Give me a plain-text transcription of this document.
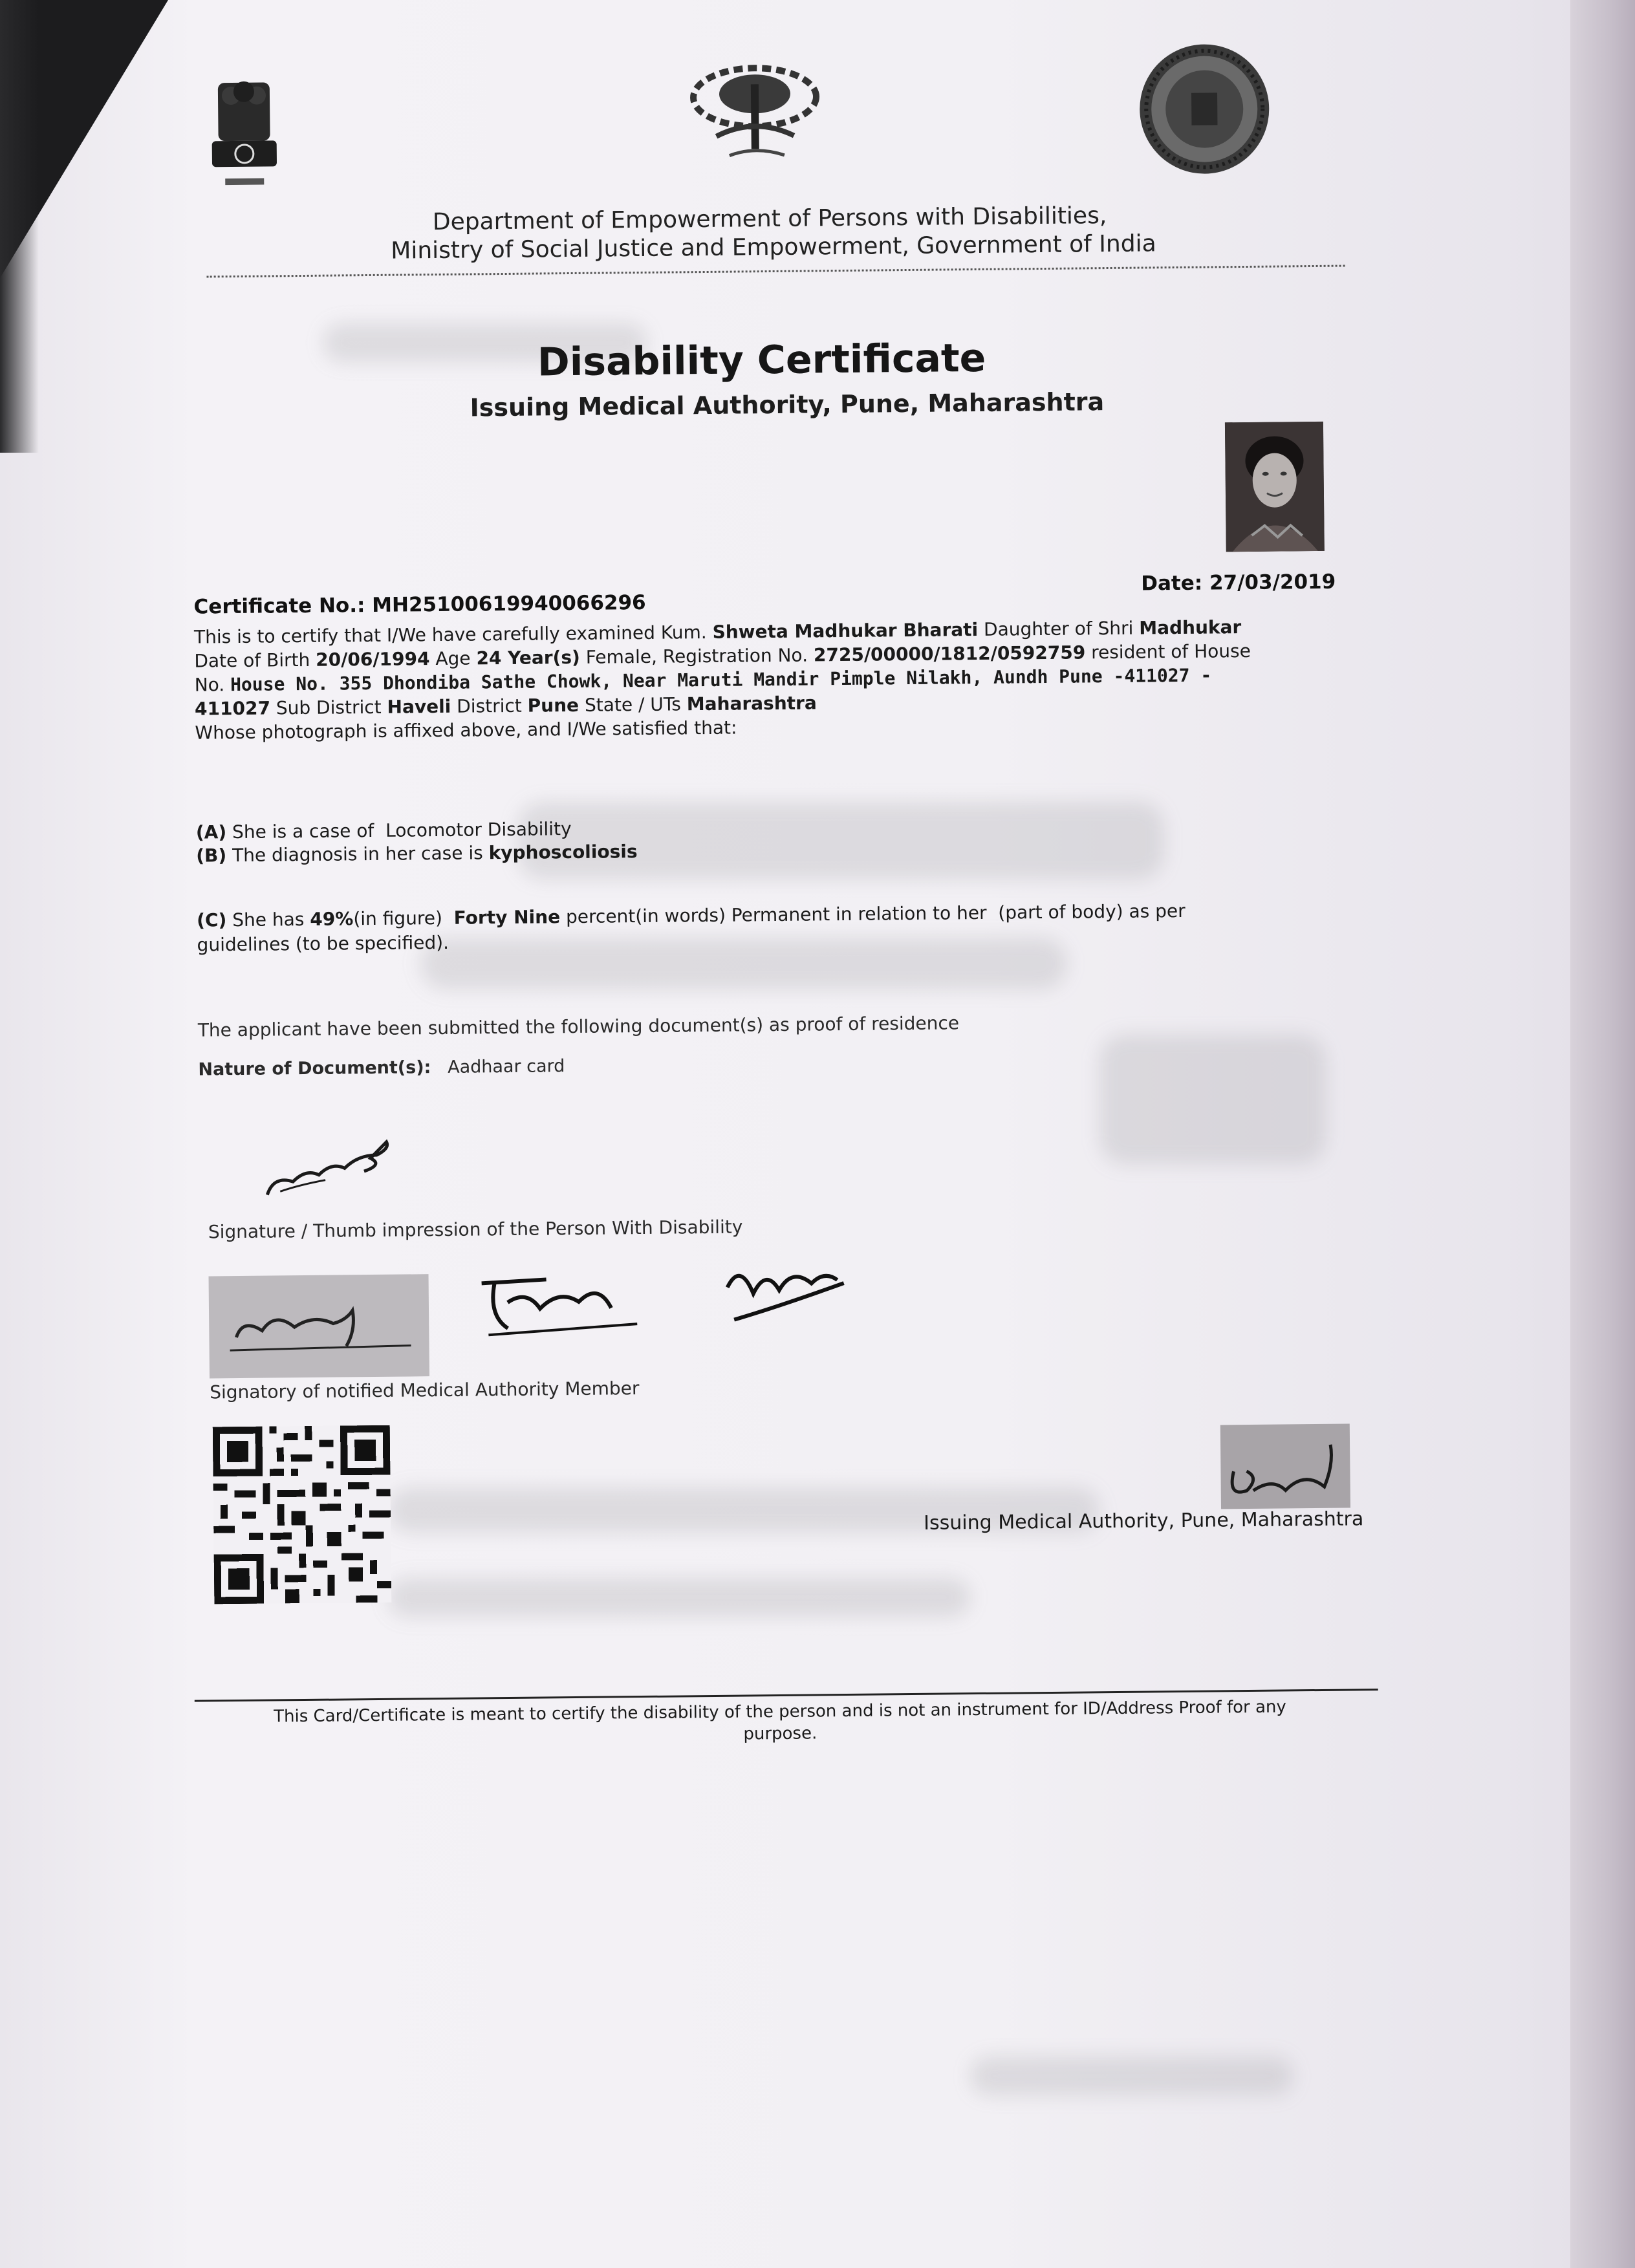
Department of Empowerment of Persons with Disabilities,
Ministry of Social Justice and Empowerment, Government of India
Disability Certificate
Issuing Medical Authority, Pune, Maharashtra
Certificate No.: MH25100619940066296
Date: 27/03/2019
This is to certify that I/We have carefully examined Kum. Shweta Madhukar Bharati Daughter of Shri Madhukar
Date of Birth 20/06/1994 Age 24 Year(s) Female, Registration No. 2725/00000/1812/0592759 resident of House
No. House No. 355 Dhondiba Sathe Chowk, Near Maruti Mandir Pimple Nilakh, Aundh Pune -411027 -
411027 Sub District Haveli District Pune State / UTs Maharashtra
Whose photograph is affixed above, and I/We satisfied that:
(A) She is a case of Locomotor Disability
(B) The diagnosis in her case is kyphoscoliosis
(C) She has 49%(in figure) Forty Nine percent(in words) Permanent in relation to her (part of body) as per
guidelines (to be specified).
The applicant have been submitted the following document(s) as proof of residence
Nature of Document(s): Aadhaar card
Signature / Thumb impression of the Person With Disability
Signatory of notified Medical Authority Member
Issuing Medical Authority, Pune, Maharashtra
This Card/Certificate is meant to certify the disability of the person and is not an instrument for ID/Address Proof for any purpose.
